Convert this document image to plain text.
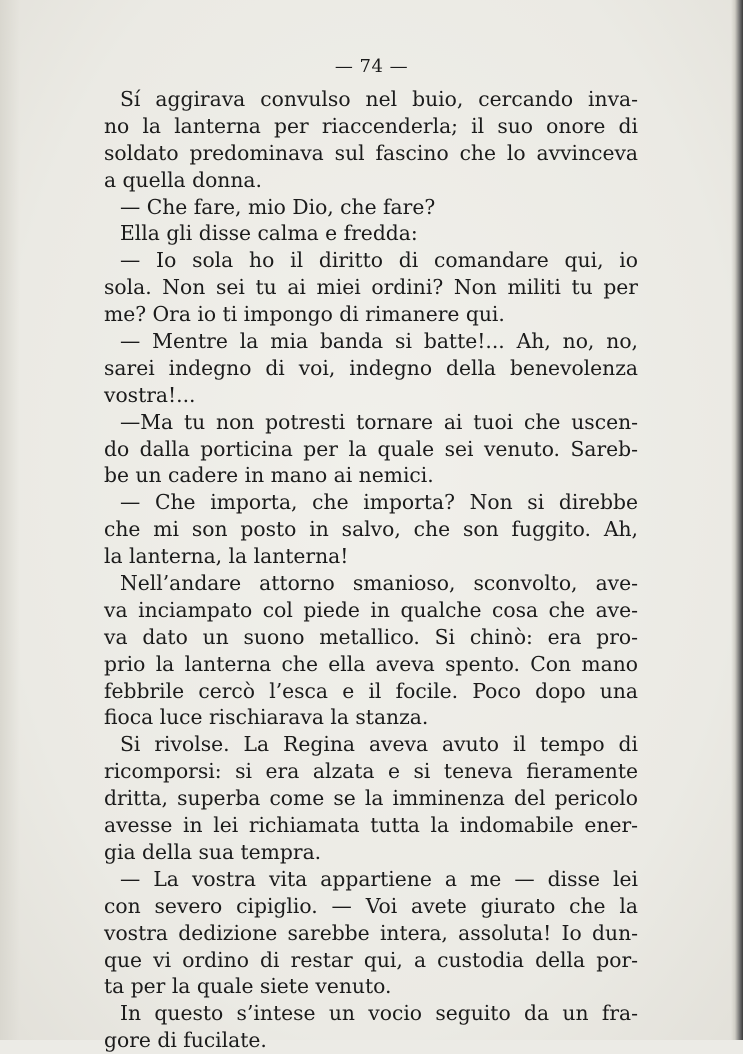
— 74 —
Sí aggirava convulso nel buio, cercando inva-
no la lanterna per riaccenderla; il suo onore di
soldato predominava sul fascino che lo avvinceva
a quella donna.
— Che fare, mio Dio, che fare?
Ella gli disse calma e fredda:
— Io sola ho il diritto di comandare qui, io
sola. Non sei tu ai miei ordini? Non militi tu per
me? Ora io ti impongo di rimanere qui.
— Mentre la mia banda si batte!... Ah, no, no,
sarei indegno di voi, indegno della benevolenza
vostra!...
—Ma tu non potresti tornare ai tuoi che uscen-
do dalla porticina per la quale sei venuto. Sareb-
be un cadere in mano ai nemici.
— Che importa, che importa? Non si direbbe
che mi son posto in salvo, che son fuggito. Ah,
la lanterna, la lanterna!
Nell’andare attorno smanioso, sconvolto, ave-
va inciampato col piede in qualche cosa che ave-
va dato un suono metallico. Si chinò: era pro-
prio la lanterna che ella aveva spento. Con mano
febbrile cercò l’esca e il focile. Poco dopo una
fioca luce rischiarava la stanza.
Si rivolse. La Regina aveva avuto il tempo di
ricomporsi: si era alzata e si teneva fieramente
dritta, superba come se la imminenza del pericolo
avesse in lei richiamata tutta la indomabile ener-
gia della sua tempra.
— La vostra vita appartiene a me — disse lei
con severo cipiglio. — Voi avete giurato che la
vostra dedizione sarebbe intera, assoluta! Io dun-
que vi ordino di restar qui, a custodia della por-
ta per la quale siete venuto.
In questo s’intese un vocio seguito da un fra-
gore di fucilate.
